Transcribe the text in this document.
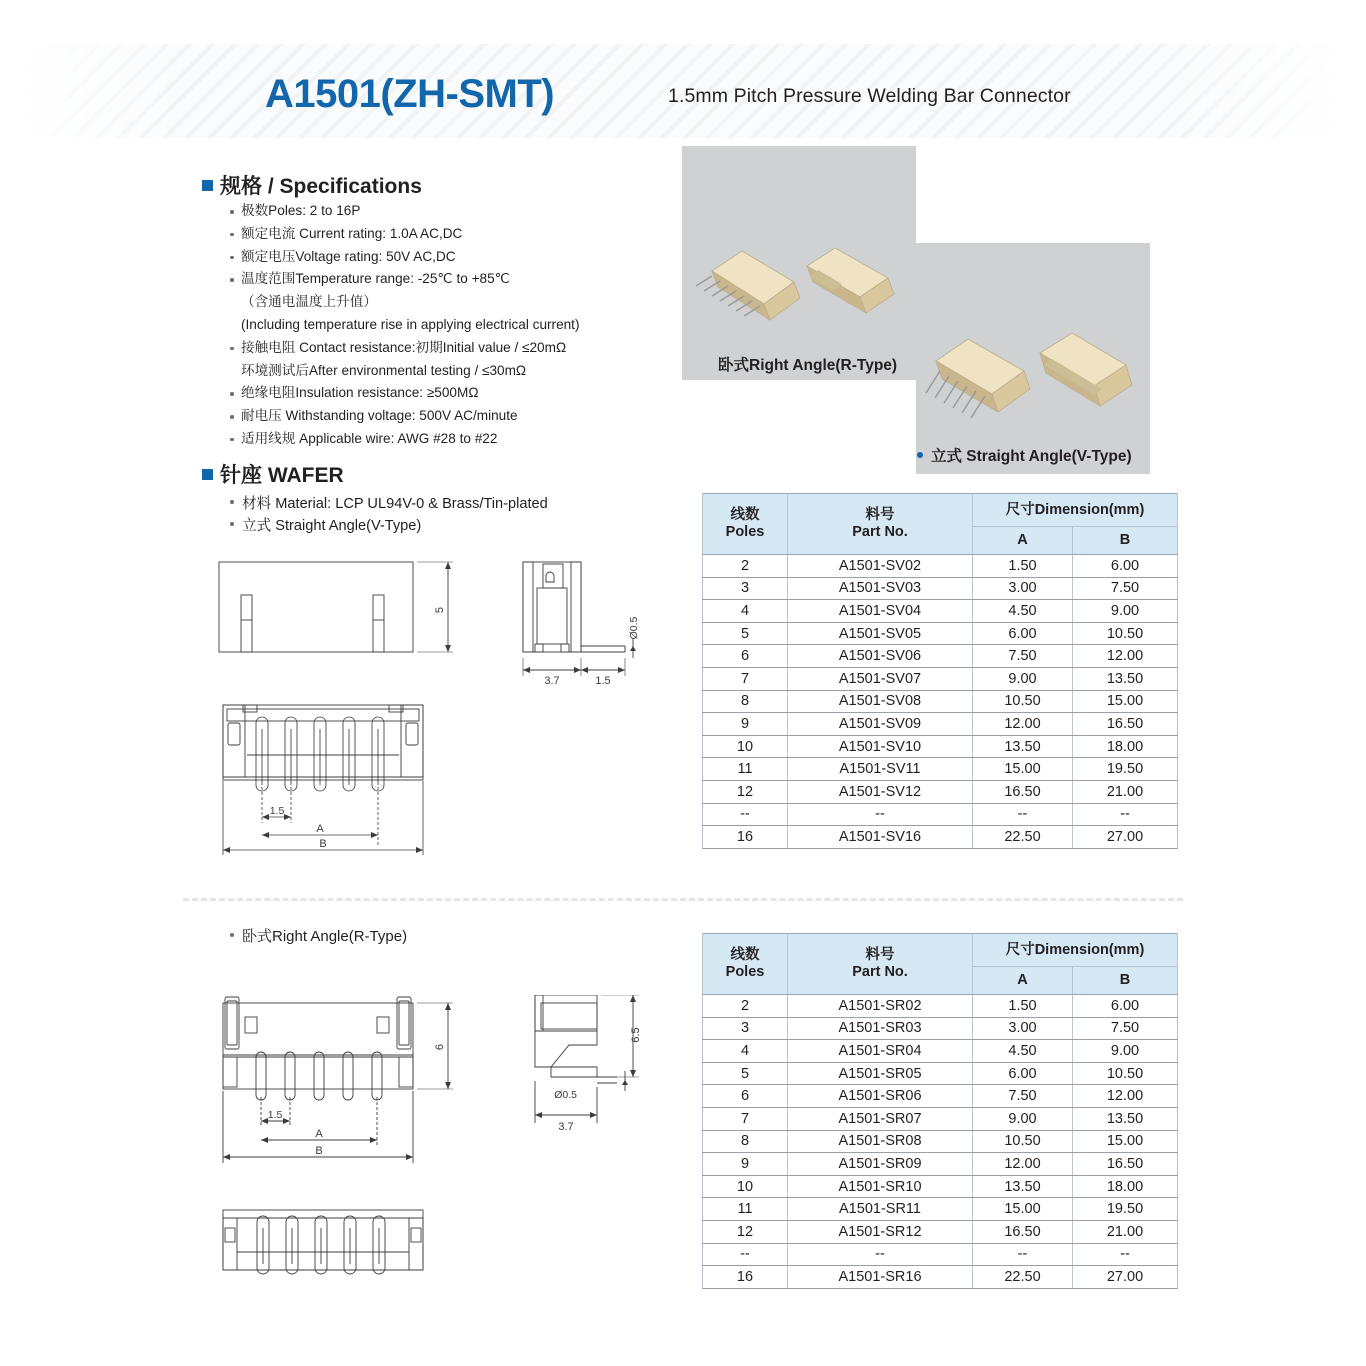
A1501(ZH-SMT)	1.5mm Pitch Pressure Welding Bar Connector
规格 / Specifications
极数Poles: 2 to 16P
额定电流 Current rating: 1.0A AC,DC
额定电压Voltage rating: 50V AC,DC
温度范围Temperature range: -25℃ to +85℃
（含通电温度上升值）
(Including temperature rise in applying electrical current)
接触电阻 Contact resistance:初期Initial value / ≤20mΩ
环境测试后After environmental testing / ≤30mΩ
绝缘电阻Insulation resistance: ≥500MΩ
耐电压 Withstanding voltage: 500V AC/minute
适用线规 Applicable wire: AWG #28 to #22
卧式Right Angle(R-Type)
立式 Straight Angle(V-Type)
针座 WAFER
材料 Material: LCP UL94V-0 & Brass/Tin-plated
立式 Straight Angle(V-Type)
5
Ø0.5
3.7	1.5
1.5
A
B
线数
Poles

料号
Part No.
	尺寸Dimension(mm)
		A	B
2	A1501-SV02	1.50	6.00
3	A1501-SV03	3.00	7.50
4	A1501-SV04	4.50	9.00
5	A1501-SV05	6.00	10.50
6	A1501-SV06	7.50	12.00
7	A1501-SV07	9.00	13.50
8	A1501-SV08	10.50	15.00
9	A1501-SV09	12.00	16.50
10	A1501-SV10	13.50	18.00
11	A1501-SV11	15.00	19.50
12	A1501-SV12	16.50	21.00
--	--	--	--
16	A1501-SV16	22.50	27.00
卧式Right Angle(R-Type)
6
1.5
A
B
6.5
Ø0.5
3.7
线数
Poles

料号
Part No.
	尺寸Dimension(mm)
		A	B
2	A1501-SR02	1.50	6.00
3	A1501-SR03	3.00	7.50
4	A1501-SR04	4.50	9.00
5	A1501-SR05	6.00	10.50
6	A1501-SR06	7.50	12.00
7	A1501-SR07	9.00	13.50
8	A1501-SR08	10.50	15.00
9	A1501-SR09	12.00	16.50
10	A1501-SR10	13.50	18.00
11	A1501-SR11	15.00	19.50
12	A1501-SR12	16.50	21.00
--	--	--	--
16	A1501-SR16	22.50	27.00
